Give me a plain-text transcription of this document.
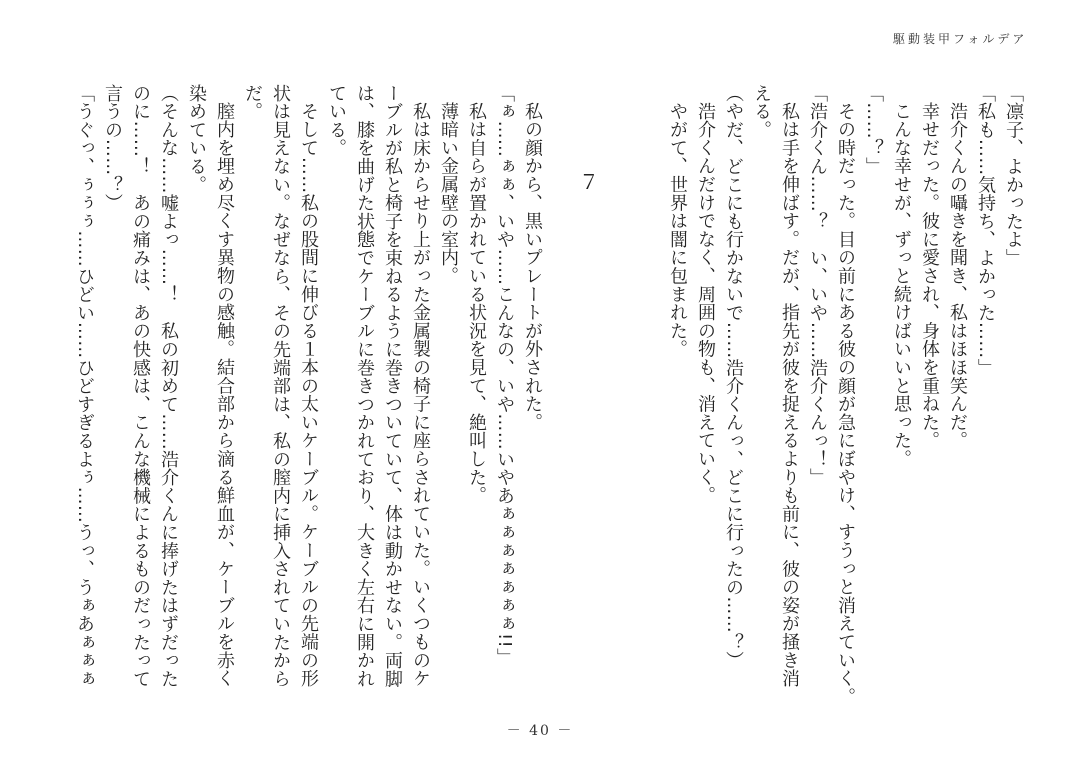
駆動装甲フォルデア
「凛子、よかったよ」
「私も……気持ち、よかった……」
浩介くんの囁きを聞き、私はほほ笑んだ。
幸せだった。彼に愛され、身体を重ねた。
こんな幸せが、ずっと続けばいいと思った。
「……？」
その時だった。目の前にある彼の顔が急にぼやけ、すうっと消えていく。
「浩介くん……？　い、いや……浩介くんっ！」
私は手を伸ばす。だが、指先が彼を捉えるよりも前に、彼の姿が掻き消
える。
（やだ、どこにも行かないで……浩介くんっ、どこに行ったの……？）
浩介くんだけでなく、周囲の物も、消えていく。
やがて、世界は闇に包まれた。
７
私の顔から、黒いプレートが外された。
「ぁ……ぁぁ、いや……こんなの、いや……いやあぁぁぁぁぁぁぁ!!」
私は自らが置かれている状況を見て、絶叫した。
薄暗い金属壁の室内。
私は床からせり上がった金属製の椅子に座らされていた。いくつものケ
ーブルが私と椅子を束ねるように巻きついていて、体は動かせない。両脚
は、膝を曲げた状態でケーブルに巻きつかれており、大きく左右に開かれ
ている。
そして……私の股間に伸びる１本の太いケーブル。ケーブルの先端の形
状は見えない。なぜなら、その先端部は、私の膣内に挿入されていたから
だ。
膣内を埋め尽くす異物の感触。結合部から滴る鮮血が、ケーブルを赤く
染めている。
（そんな……嘘よっ……！　私の初めて……浩介くんに捧げたはずだった
のに……！　あの痛みは、あの快感は、こんな機械によるものだったって
言うの……？）
「うぐっ、ぅぅぅ……ひどい……ひどすぎるよぅ……うっ、うぁあぁぁぁ
－ 40 －
